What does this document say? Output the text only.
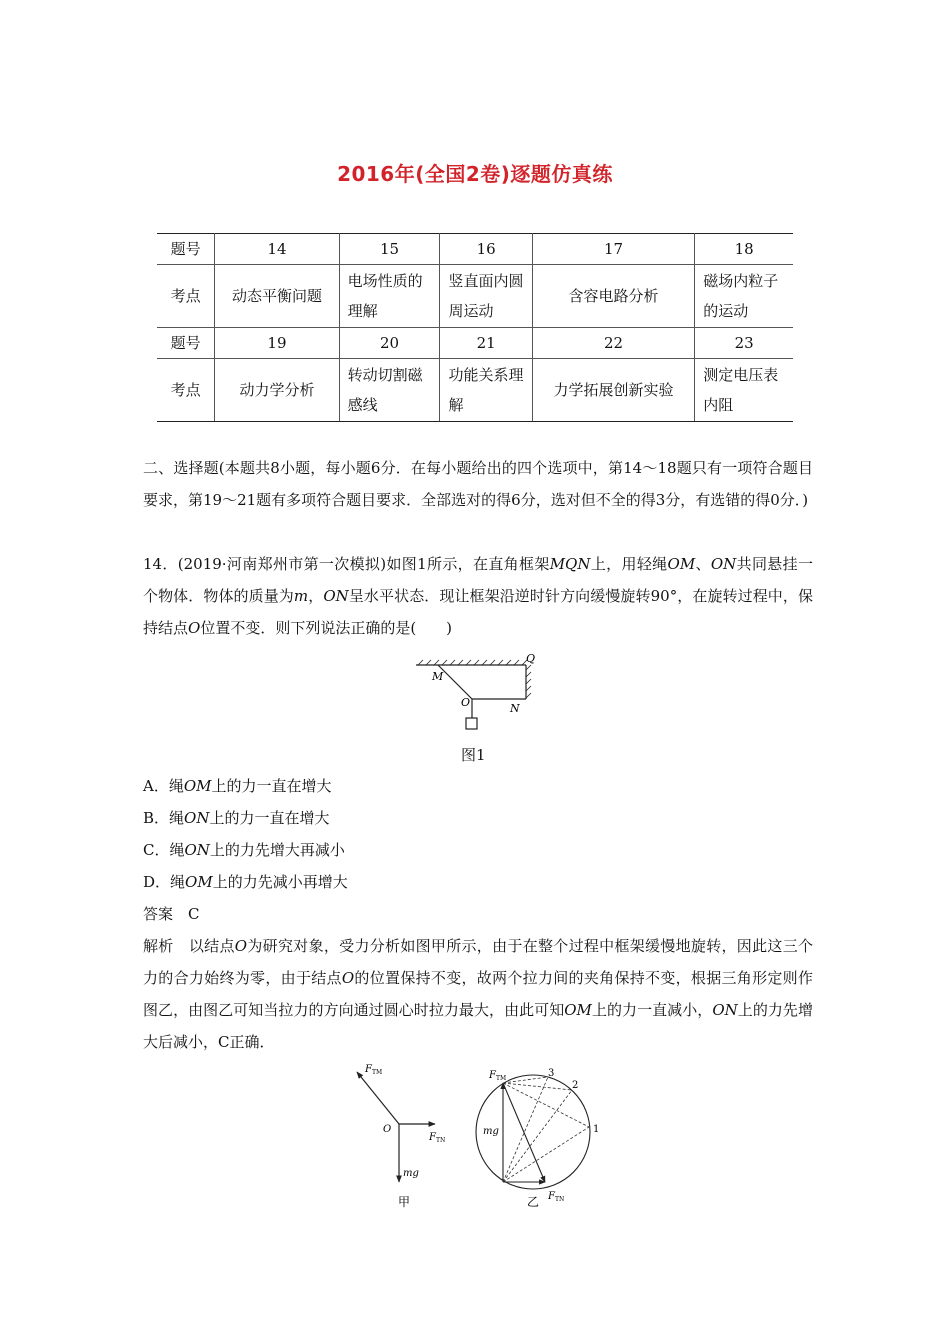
2016年(全国2卷)逐题仿真练
题号	14	15	16	17	18
考点	动态平衡问题	电场性质的理解	竖直面内圆周运动	含容电路分析	磁场内粒子的运动
题号	19	20	21	22	23
考点	动力学分析	转动切割磁感线	功能关系理解	力学拓展创新实验	测定电压表内阻
二、选择题(本题共8小题，每小题6分．在每小题给出的四个选项中，第14～18题只有一项符合题目要求，第19～21题有多项符合题目要求．全部选对的得6分，选对但不全的得3分，有选错的得0分．)
14．(2019·河南郑州市第一次模拟)如图1所示，在直角框架MQN上，用轻绳OM、ON共同悬挂一个物体．物体的质量为m，ON呈水平状态．现让框架沿逆时针方向缓慢旋转90°，在旋转过程中，保持结点O位置不变．则下列说法正确的是(　　)
M
Q
O	N
图1
A．绳OM上的力一直在增大
B．绳ON上的力一直在增大
C．绳ON上的力先增大再减小
D．绳OM上的力先减小再增大
答案　C
解析　以结点O为研究对象，受力分析如图甲所示，由于在整个过程中框架缓慢地旋转，因此这三个力的合力始终为零，由于结点O的位置保持不变，故两个拉力间的夹角保持不变，根据三角形定则作图乙，由图乙可知当拉力的方向通过圆心时拉力最大，由此可知OM上的力一直减小，ON上的力先增大后减小，C正确．
$F_{TM}$
$F_{TN}$
O
mg
甲
$F_{TM}$
$F_{TN}$
mg	1
2
3
乙
